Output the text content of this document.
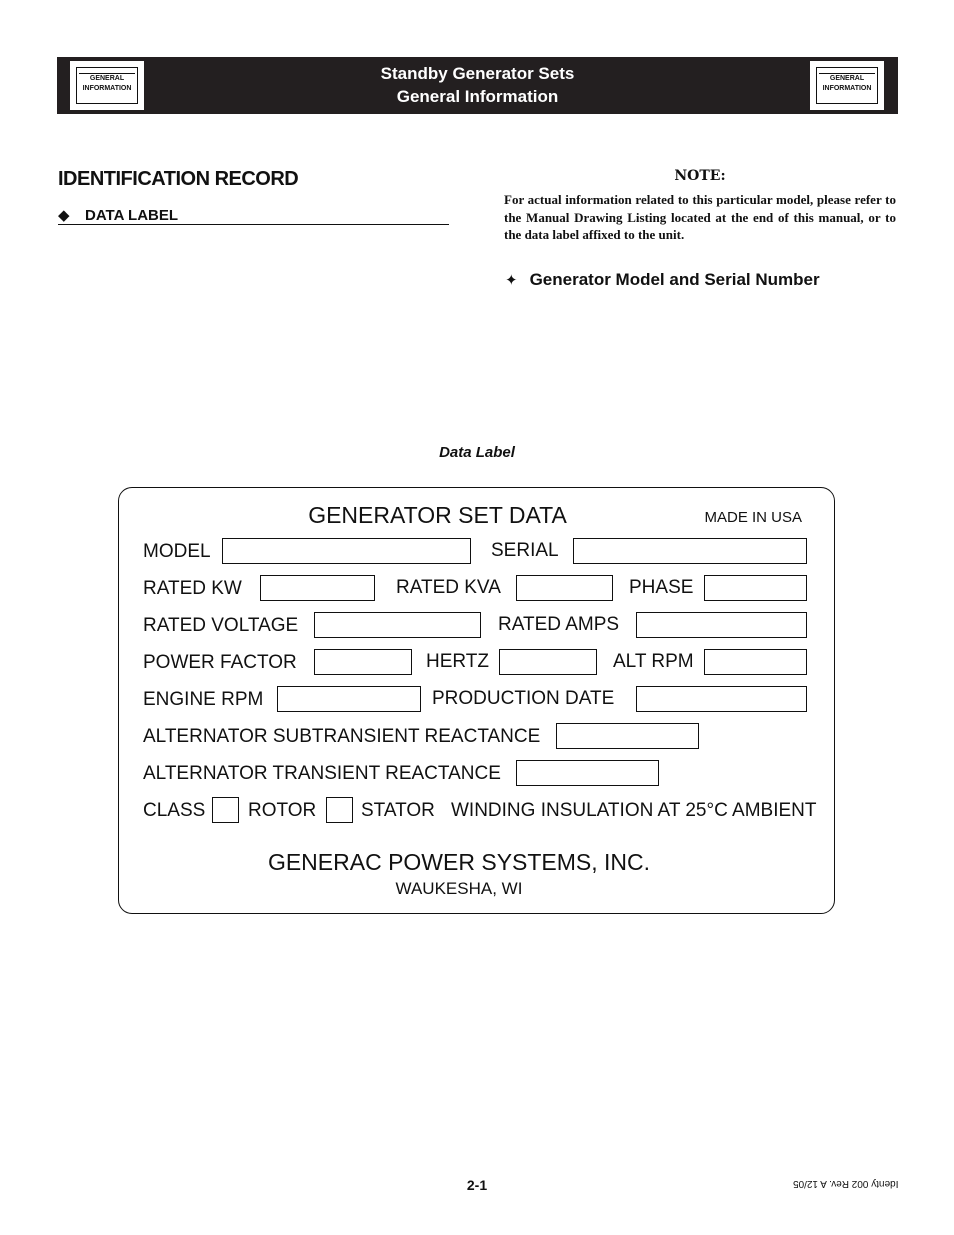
GENERAL
INFORMATION
Standby Generator Sets
General Information
GENERAL
INFORMATION
IDENTIFICATION RECORD
◆ DATA LABEL
NOTE:
For actual information related to this particular model, please refer to the Manual Drawing Listing located at the end of this manual, or to the data label affixed to the unit.
✦ Generator Model and Serial Number
Data Label
GENERATOR SET DATA	MADE IN USA
MODEL	SERIAL
RATED KW	RATED KVA	PHASE
RATED VOLTAGE	RATED AMPS
POWER FACTOR	HERTZ	ALT RPM
ENGINE RPM	PRODUCTION DATE
ALTERNATOR SUBTRANSIENT REACTANCE
ALTERNATOR TRANSIENT REACTANCE
CLASS ROTOR STATOR WINDING INSULATION AT 25°C AMBIENT
GENERAC POWER SYSTEMS, INC.
WAUKESHA, WI
2-1	Identy 002 Rev. A 12/05
